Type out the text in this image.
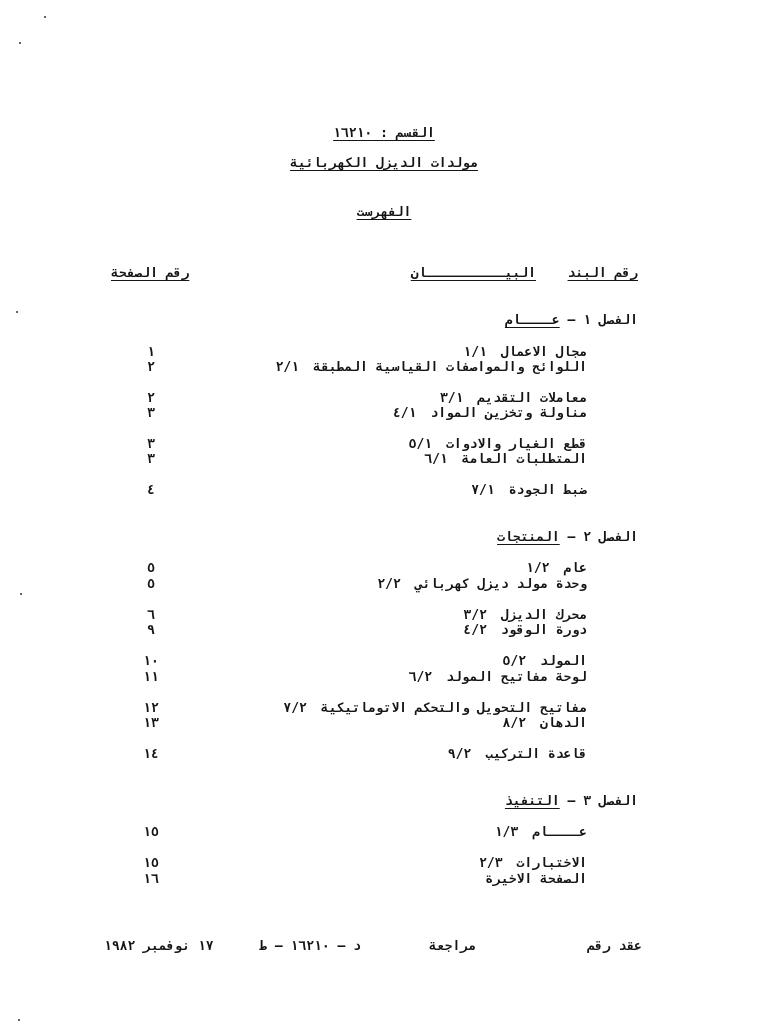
القسم : ١٦٢١٠
مولدات الديزل الكهربائية
الفهرست
رقم البند
البيــــــــــان
رقم الصفحة
الفصل ١ – عــــام
١/١ مجال الاعمال
١
٢/١ اللوائح والمواصفات القياسية المطبقة
٢
٣/١ معاملات التقديم
٢
٤/١ مناولة وتخزين المواد
٣
٥/١ قطع الغيار والادوات
٣
٦/١ المتطلبات العامة
٣
٧/١ ضبط الجودة
٤
الفصل ٢ – المنتجات
١/٢ عام
٥
٢/٢ وحدة مولد ديزل كهربائي
٥
٣/٢ محرك الديزل
٦
٤/٢ دورة الوقود
٩
٥/٢ المولد
١٠
٦/٢ لوحة مفاتيح المولد
١١
٧/٢ مفاتيح التحويل والتحكم الاتوماتيكية
١٢
٨/٢ الدهان
١٣
٩/٢ قاعدة التركيب
١٤
الفصل ٣ – التنفيذ
١/٣ عــــام
١٥
٢/٣ الاختبارات
١٥
الصفحة الاخيرة
١٦
عقد رقم
مراجعة
د – ١٦٢١٠ – ط
١٧ نوفمبر ١٩٨٢
